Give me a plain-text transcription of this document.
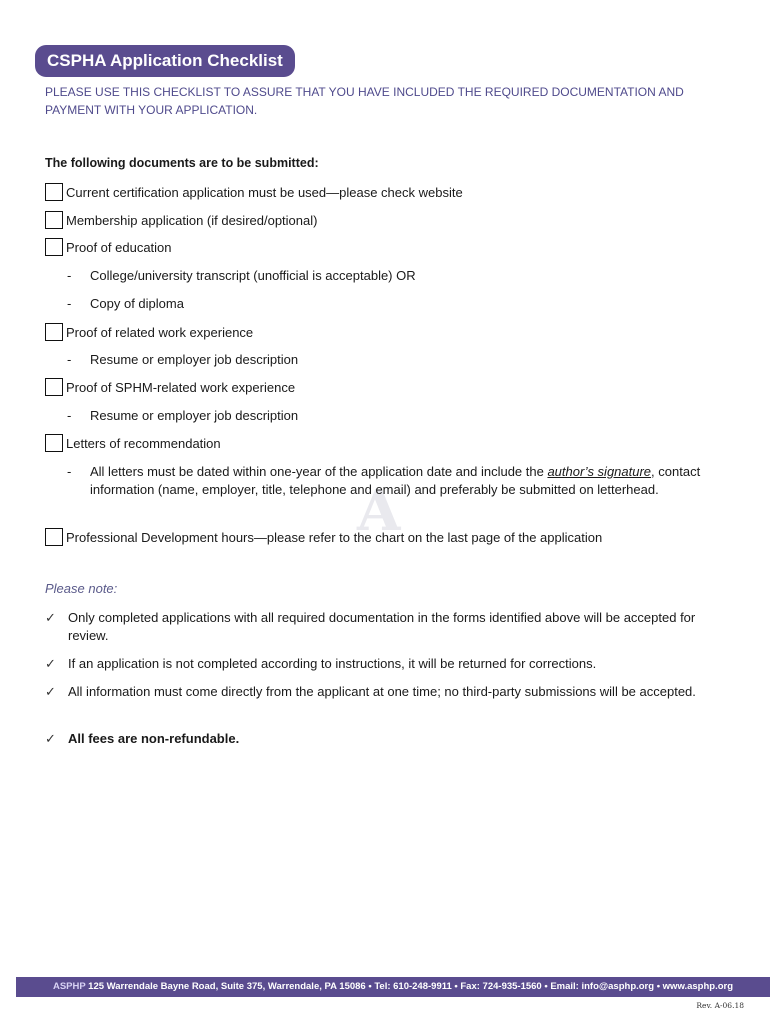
CSPHA Application Checklist
PLEASE USE THIS CHECKLIST TO ASSURE THAT YOU HAVE INCLUDED THE REQUIRED DOCUMENTATION AND PAYMENT WITH YOUR APPLICATION.
The following documents are to be submitted:
Current certification application must be used—please check website
Membership application (if desired/optional)
Proof of education
-	College/university transcript (unofficial is acceptable) OR
-	Copy of diploma
Proof of related work experience
-	Resume or employer job description
Proof of SPHM-related work experience
-	Resume or employer job description
Letters of recommendation
A
-	All letters must be dated within one-year of the application date and include the author’s signature, contact information (name, employer, title, telephone and email) and preferably be submitted on letterhead.
Professional Development hours—please refer to the chart on the last page of the application
Please note:
✓ Only completed applications with all required documentation in the forms identified above will be accepted for review.
✓ If an application is not completed according to instructions, it will be returned for corrections.
✓ All information must come directly from the applicant at one time; no third-party submissions will be accepted.
✓ All fees are non-refundable.
ASPHP 125 Warrendale Bayne Road, Suite 375, Warrendale, PA 15086 • Tel: 610-248-9911 • Fax: 724-935-1560 • Email: info@asphp.org • www.asphp.org
Rev. A-06.18
